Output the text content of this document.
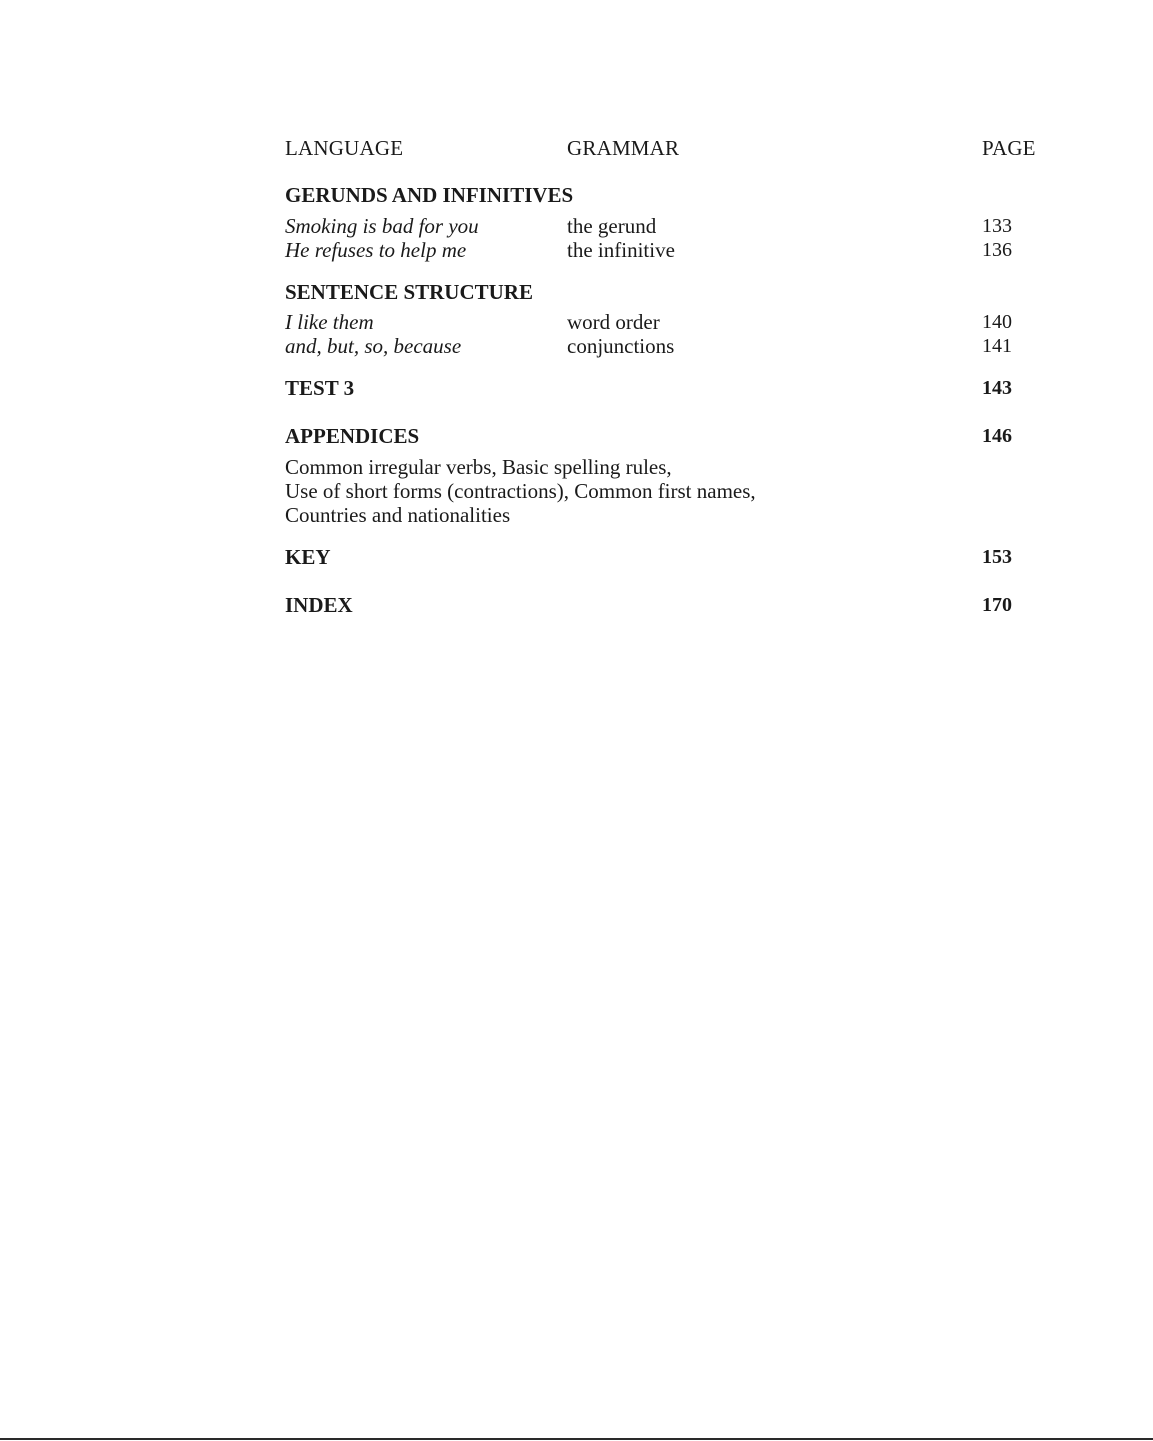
LANGUAGE	GRAMMAR	PAGE
GERUNDS AND INFINITIVES
Smoking is bad for you	the gerund	133
He refuses to help me	the infinitive	136
SENTENCE STRUCTURE
I like them	word order	140
and, but, so, because	conjunctions	141
TEST 3	143
APPENDICES	146
Common irregular verbs, Basic spelling rules,
Use of short forms (contractions), Common first names,
Countries and nationalities
KEY	153
INDEX	170
